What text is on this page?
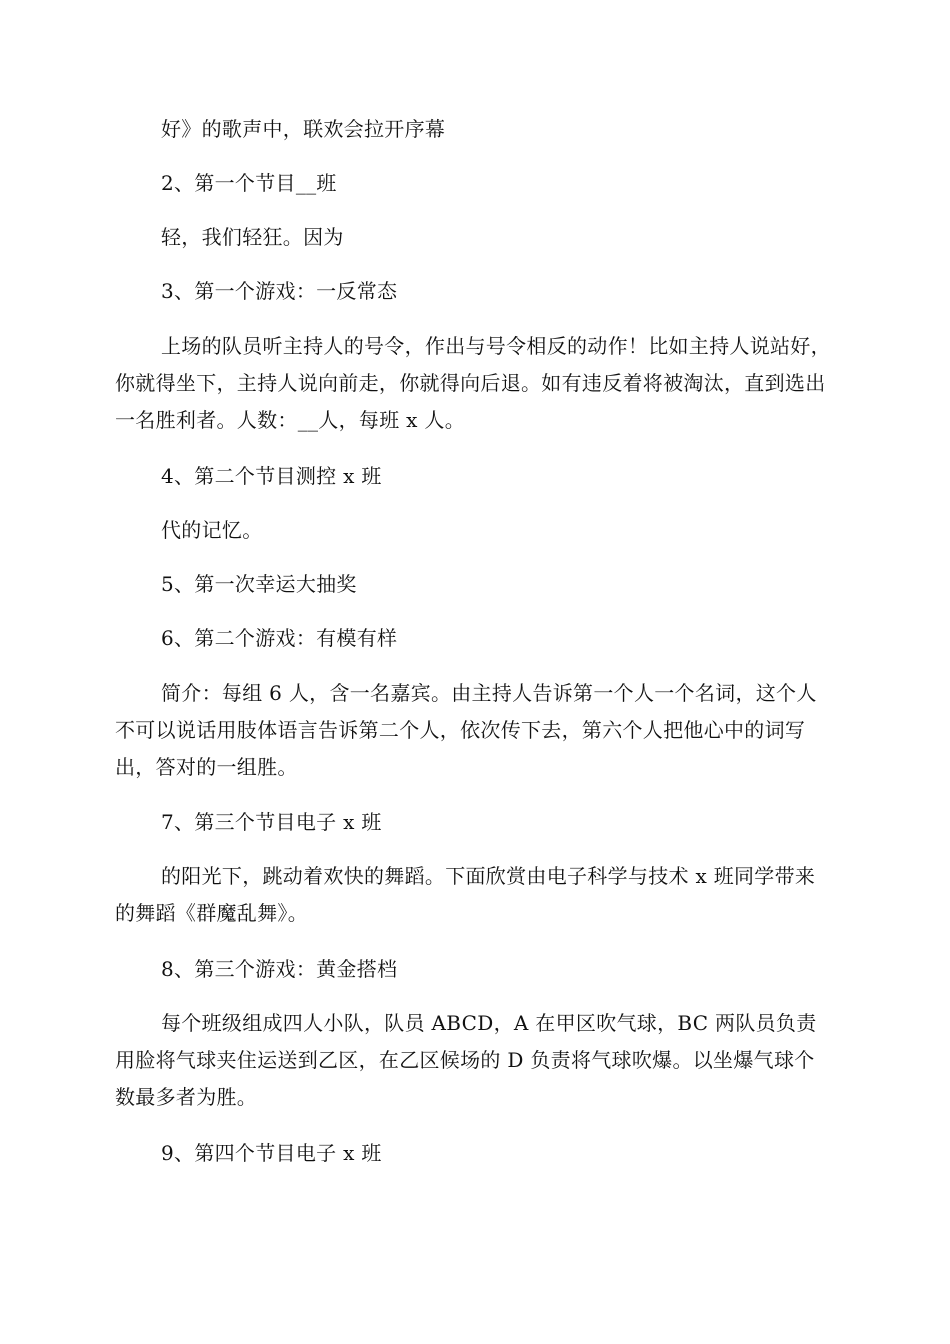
好》的歌声中，联欢会拉开序幕

2、第一个节目__班

轻，我们轻狂。因为

3、第一个游戏：一反常态

上场的队员听主持人的号令，作出与号令相反的动作！比如主持人说站好，你就得坐下，主持人说向前走，你就得向后退。如有违反着将被淘汰，直到选出一名胜利者。人数：__人，每班 x 人。

4、第二个节目测控 x 班

代的记忆。

5、第一次幸运大抽奖

6、第二个游戏：有模有样

简介：每组 6 人，含一名嘉宾。由主持人告诉第一个人一个名词，这个人不可以说话用肢体语言告诉第二个人，依次传下去，第六个人把他心中的词写出，答对的一组胜。

7、第三个节目电子 x 班

的阳光下，跳动着欢快的舞蹈。下面欣赏由电子科学与技术 x 班同学带来的舞蹈《群魔乱舞》。

8、第三个游戏：黄金搭档

每个班级组成四人小队，队员 ABCD，A 在甲区吹气球，BC 两队员负责用脸将气球夹住运送到乙区，在乙区候场的 D 负责将气球吹爆。以坐爆气球个数最多者为胜。

9、第四个节目电子 x 班
